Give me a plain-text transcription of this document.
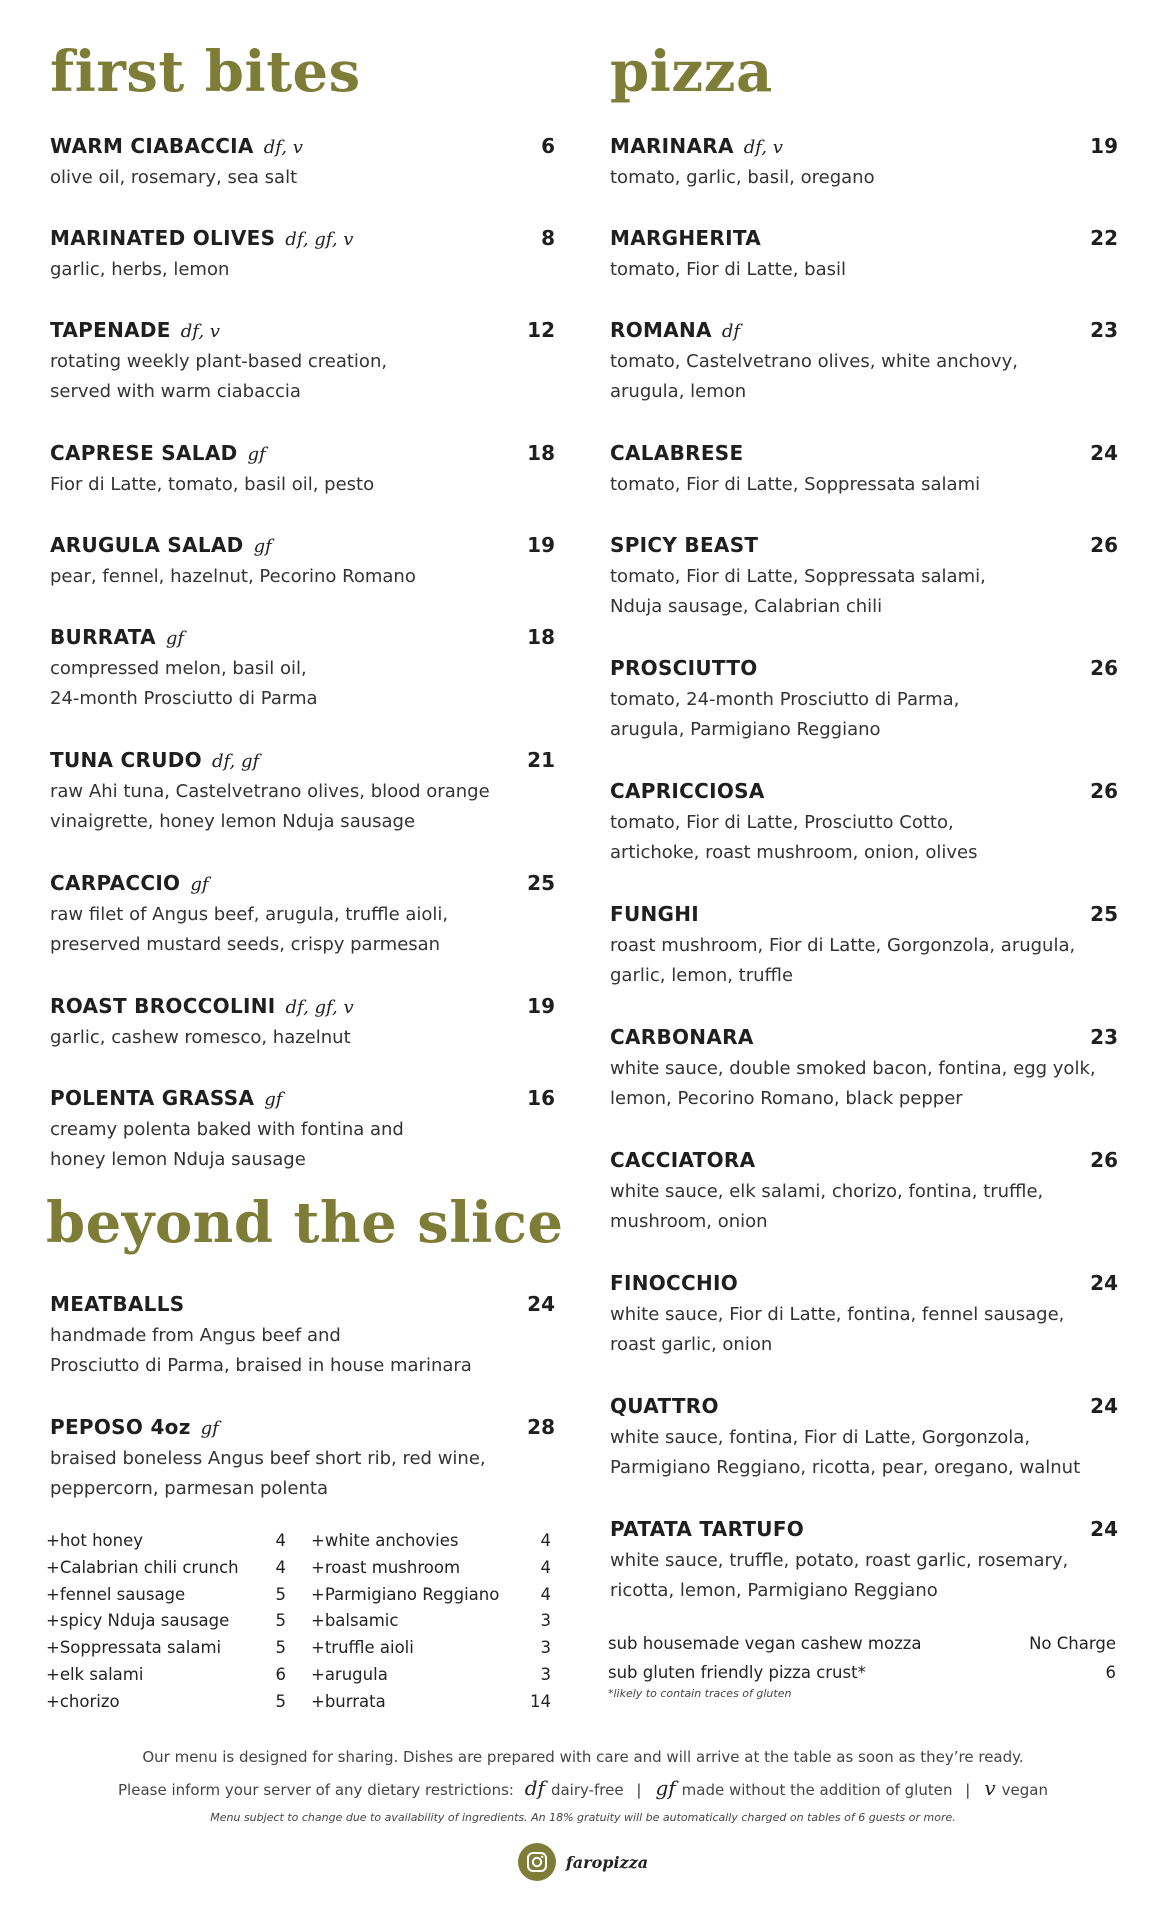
first bites
WARM CIABACCIA df, v	6
olive oil, rosemary, sea salt
MARINATED OLIVES df, gf, v	8
garlic, herbs, lemon
TAPENADE df, v	12
rotating weekly plant-based creation,
served with warm ciabaccia
CAPRESE SALAD gf	18
Fior di Latte, tomato, basil oil, pesto
ARUGULA SALAD gf	19
pear, fennel, hazelnut, Pecorino Romano
BURRATA gf	18
compressed melon, basil oil,
24-month Prosciutto di Parma
TUNA CRUDO df, gf	21
raw Ahi tuna, Castelvetrano olives, blood orange
vinaigrette, honey lemon Nduja sausage
CARPACCIO gf	25
raw filet of Angus beef, arugula, truffle aioli,
preserved mustard seeds, crispy parmesan
ROAST BROCCOLINI df, gf, v	19
garlic, cashew romesco, hazelnut
POLENTA GRASSA gf	16
creamy polenta baked with fontina and
honey lemon Nduja sausage
beyond the slice
MEATBALLS	24
handmade from Angus beef and
Prosciutto di Parma, braised in house marinara
PEPOSO 4oz gf	28
braised boneless Angus beef short rib, red wine,
peppercorn, parmesan polenta
+hot honey	4
+Calabrian chili crunch 4
+fennel sausage	5
+spicy Nduja sausage	5
+Soppressata salami	5
+elk salami	6
+chorizo	5
+white anchovies	4
+roast mushroom	4
+Parmigiano Reggiano 4
+balsamic	3
+truffle aioli	3
+arugula	3
+burrata	14
pizza
MARINARA df, v	19
tomato, garlic, basil, oregano
MARGHERITA	22
tomato, Fior di Latte, basil
ROMANA df	23
tomato, Castelvetrano olives, white anchovy,
arugula, lemon
CALABRESE	24
tomato, Fior di Latte, Soppressata salami
SPICY BEAST	26
tomato, Fior di Latte, Soppressata salami,
Nduja sausage, Calabrian chili
PROSCIUTTO	26
tomato, 24-month Prosciutto di Parma,
arugula, Parmigiano Reggiano
CAPRICCIOSA	26
tomato, Fior di Latte, Prosciutto Cotto,
artichoke, roast mushroom, onion, olives
FUNGHI	25
roast mushroom, Fior di Latte, Gorgonzola, arugula,
garlic, lemon, truffle
CARBONARA	23
white sauce, double smoked bacon, fontina, egg yolk,
lemon, Pecorino Romano, black pepper
CACCIATORA	26
white sauce, elk salami, chorizo, fontina, truffle,
mushroom, onion
FINOCCHIO	24
white sauce, Fior di Latte, fontina, fennel sausage,
roast garlic, onion
QUATTRO	24
white sauce, fontina, Fior di Latte, Gorgonzola,
Parmigiano Reggiano, ricotta, pear, oregano, walnut
PATATA TARTUFO	24
white sauce, truffle, potato, roast garlic, rosemary,
ricotta, lemon, Parmigiano Reggiano
sub housemade vegan cashew mozza	No Charge
sub gluten friendly pizza crust*	6
*likely to contain traces of gluten
Our menu is designed for sharing. Dishes are prepared with care and will arrive at the table as soon as they’re ready.
Please inform your server of any dietary restrictions: df dairy-free | gf made without the addition of gluten | v vegan
Menu subject to change due to availability of ingredients. An 18% gratuity will be automatically charged on tables of 6 guests or more.
faropizza
